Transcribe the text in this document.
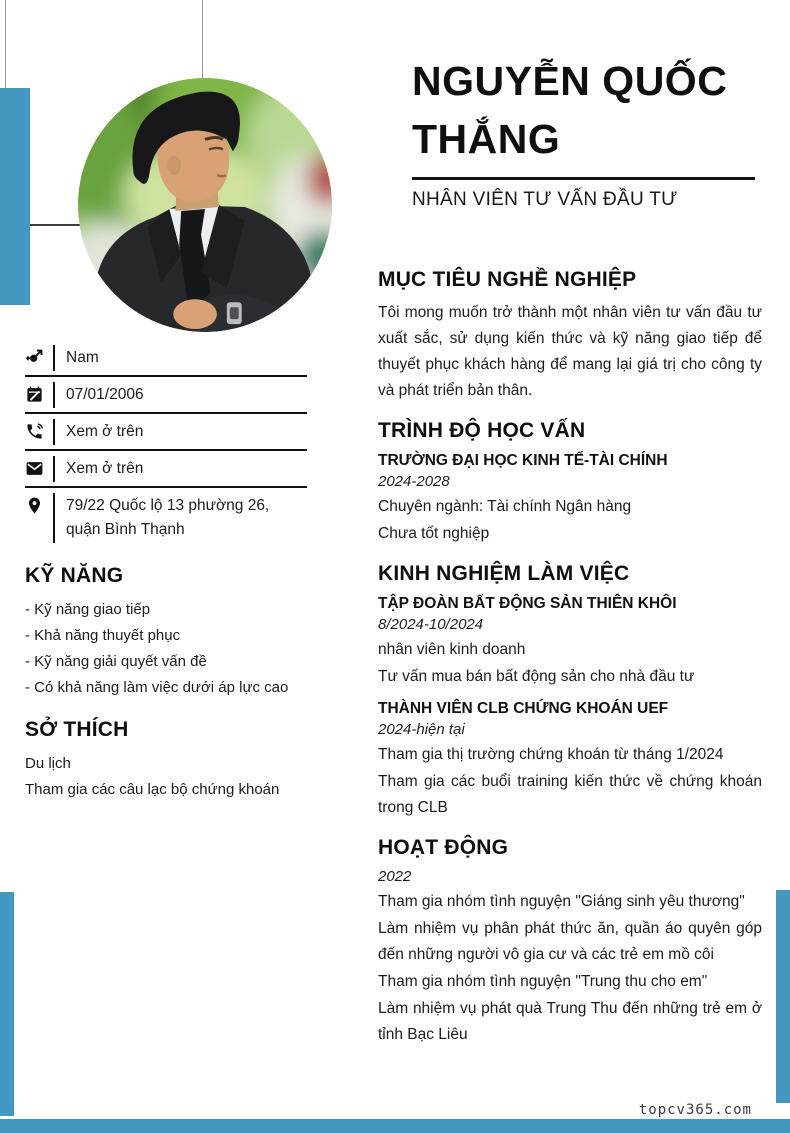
NGUYỄN QUỐC THẮNG
NHÂN VIÊN TƯ VẤN ĐẦU TƯ
Nam
07/01/2006
Xem ở trên
Xem ở trên
79/22 Quốc lộ 13 phường 26, quận Bình Thạnh
KỸ NĂNG
- Kỹ năng giao tiếp
- Khả năng thuyết phục
- Kỹ năng giải quyết vấn đề
- Có khả năng làm việc dưới áp lực cao
SỞ THÍCH
Du lịch
Tham gia các câu lạc bộ chứng khoán
MỤC TIÊU NGHỀ NGHIỆP

Tôi mong muốn trở thành một nhân viên tư vấn đầu tư xuất sắc, sử dụng kiến thức và kỹ năng giao tiếp để thuyết phục khách hàng để mang lại giá trị cho công ty và phát triển bản thân.

TRÌNH ĐỘ HỌC VẤN
TRƯỜNG ĐẠI HỌC KINH TẾ-TÀI CHÍNH
2024-2028

Chuyên ngành: Tài chính Ngân hàng

Chưa tốt nghiệp

KINH NGHIỆM LÀM VIỆC
TẬP ĐOÀN BẤT ĐỘNG SẢN THIÊN KHÔI
8/2024-10/2024

nhân viên kinh doanh

Tư vấn mua bán bất động sản cho nhà đầu tư

THÀNH VIÊN CLB CHỨNG KHOÁN UEF
2024-hiện tại

Tham gia thị trường chứng khoán từ tháng 1/2024

Tham gia các buổi training kiến thức về chứng khoán trong CLB

HOẠT ĐỘNG
2022

Tham gia nhóm tình nguyện "Giáng sinh yêu thương"

Làm nhiệm vụ phân phát thức ăn, quần áo quyên góp đến những người vô gia cư và các trẻ em mồ côi

Tham gia nhóm tình nguyện "Trung thu cho em"

Làm nhiệm vụ phát quà Trung Thu đến những trẻ em ở tỉnh Bạc Liêu

topcv365.com
